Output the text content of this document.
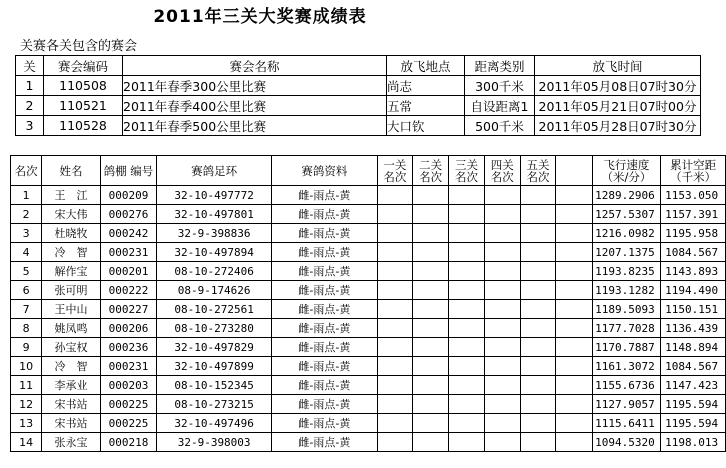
2011年三关大奖赛成绩表
关赛各关包含的赛会
关	赛会编码	赛会名称	放飞地点	距离类别	放飞时间
1	110508	2011年春季300公里比赛	尚志	300千米	2011年05月08日07时30分
2	110521	2011年春季400公里比赛	五常	自设距离1	2011年05月21日07时00分
3	110528	2011年春季500公里比赛	大口钦	500千米	2011年05月28日07时30分
名次	姓名	鸽棚 编号	赛鸽足环	赛鸽资料	一关 名次	二关 名次	三关 名次	四关 名次	五关 名次		飞行速度 （米/分）	累计空距 （千米）
1	王　江	000209	32-10-497772	雌-雨点-黄							1289.2906	1153.050
2	宋大伟	000276	32-10-497801	雌-雨点-黄							1257.5307	1157.391
3	杜晓牧	000242	32-9-398836	雌-雨点-黄							1216.0982	1195.958
4	冷　智	000231	32-10-497894	雌-雨点-黄							1207.1375	1084.567
5	解作宝	000201	08-10-272406	雌-雨点-黄							1193.8235	1143.893
6	张可明	000222	08-9-174626	雌-雨点-黄							1193.1282	1194.490
7	王中山	000227	08-10-272561	雌-雨点-黄							1189.5093	1150.151
8	姚凤鸣	000206	08-10-273280	雌-雨点-黄							1177.7028	1136.439
9	孙宝权	000236	32-10-497829	雌-雨点-黄							1170.7887	1148.894
10	冷　智	000231	32-10-497899	雌-雨点-黄							1161.3072	1084.567
11	李承业	000203	08-10-152345	雌-雨点-黄							1155.6736	1147.423
12	宋书站	000225	08-10-273215	雌-雨点-黄							1127.9057	1195.594
13	宋书站	000225	32-10-497496	雌-雨点-黄							1115.6411	1195.594
14	张永宝	000218	32-9-398003	雌-雨点-黄							1094.5320	1198.013
